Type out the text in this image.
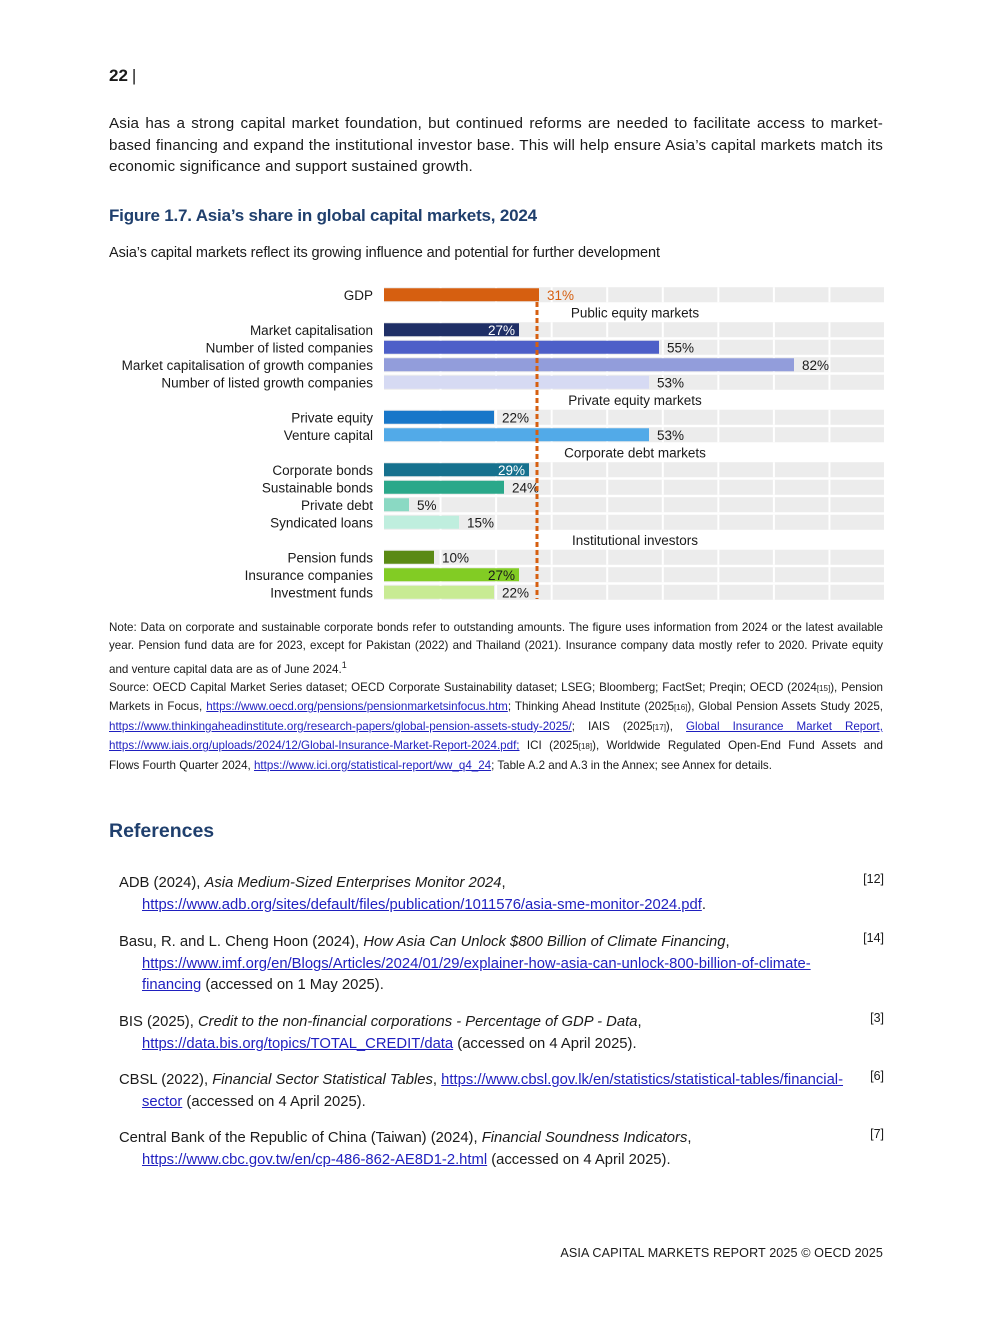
22 |

Asia has a strong capital market foundation, but continued reforms are needed to facilitate access to market-based financing and expand the institutional investor base. This will help ensure Asia’s capital markets match its economic significance and support sustained growth.

Figure 1.7. Asia’s share in global capital markets, 2024
Asia’s capital markets reflect its growing influence and potential for further development
GDP	31%
Public equity markets
Market capitalisation	27%
Number of listed companies	55%
Market capitalisation of growth companies	82%
Number of listed growth companies	53%
Private equity markets
Private equity	22%
Venture capital	53%
Corporate debt markets
Corporate bonds	29%
Sustainable bonds	24%
Private debt	5%
Syndicated loans	15%
Institutional investors
Pension funds	10%
Insurance companies	27%
Investment funds	22%

Note: Data on corporate and sustainable corporate bonds refer to outstanding amounts. The figure uses information from 2024 or the latest available year. Pension fund data are for 2023, except for Pakistan (2022) and Thailand (2021). Insurance company data mostly refer to 2020. Private equity and venture capital data are as of June 2024.$^1$

Source: OECD Capital Market Series dataset; OECD Corporate Sustainability dataset; LSEG; Bloomberg; FactSet; Preqin; OECD (2024[15]), Pension Markets in Focus, https://www.oecd.org/pensions/pensionmarketsinfocus.htm; Thinking Ahead Institute (2025[16]), Global Pension Assets Study 2025, https://www.thinkingaheadinstitute.org/research-papers/global-pension-assets-study-2025/; IAIS (2025[17]), Global Insurance Market Report, https://www.iais.org/uploads/2024/12/Global-Insurance-Market-Report-2024.pdf; ICI (2025[18]), Worldwide Regulated Open-End Fund Assets and Flows Fourth Quarter 2024, https://www.ici.org/statistical-report/ww_q4_24; Table A.2 and A.3 in the Annex; see Annex for details.

References
ADB (2024), Asia Medium-Sized Enterprises Monitor 2024, https://www.adb.org/sites/default/files/publication/1011576/asia-sme-monitor-2024.pdf.
[12]
Basu, R. and L. Cheng Hoon (2024), How Asia Can Unlock $800 Billion of Climate Financing, https://www.imf.org/en/Blogs/Articles/2024/01/29/explainer-how-asia-can-unlock-800-billion-of-climate-financing (accessed on 1 May 2025).
[14]
BIS (2025), Credit to the non-financial corporations - Percentage of GDP - Data, https://data.bis.org/topics/TOTAL_CREDIT/data (accessed on 4 April 2025).
[3]
CBSL (2022), Financial Sector Statistical Tables, https://www.cbsl.gov.lk/en/statistics/statistical-tables/financial-sector (accessed on 4 April 2025).
[6]
Central Bank of the Republic of China (Taiwan) (2024), Financial Soundness Indicators, https://www.cbc.gov.tw/en/cp-486-862-AE8D1-2.html (accessed on 4 April 2025).
[7]
ASIA CAPITAL MARKETS REPORT 2025 © OECD 2025
